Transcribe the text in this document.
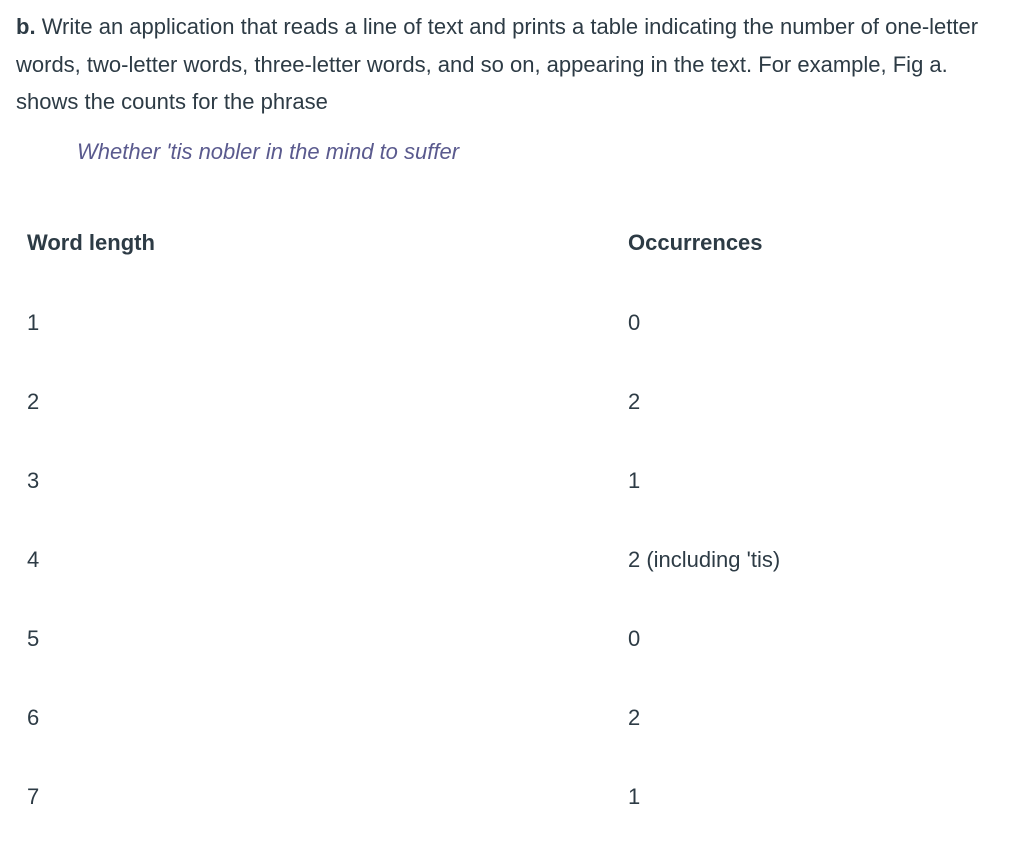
b. Write an application that reads a line of text and prints a table indicating the number of one-letter words, two-letter words, three-letter words, and so on, appearing in the text. For example, Fig a. shows the counts for the phrase

Whether 'tis nobler in the mind to suffer

Word length	Occurrences
1	0
2	2
3	1
4	2 (including 'tis)
5	0
6	2
7	1
